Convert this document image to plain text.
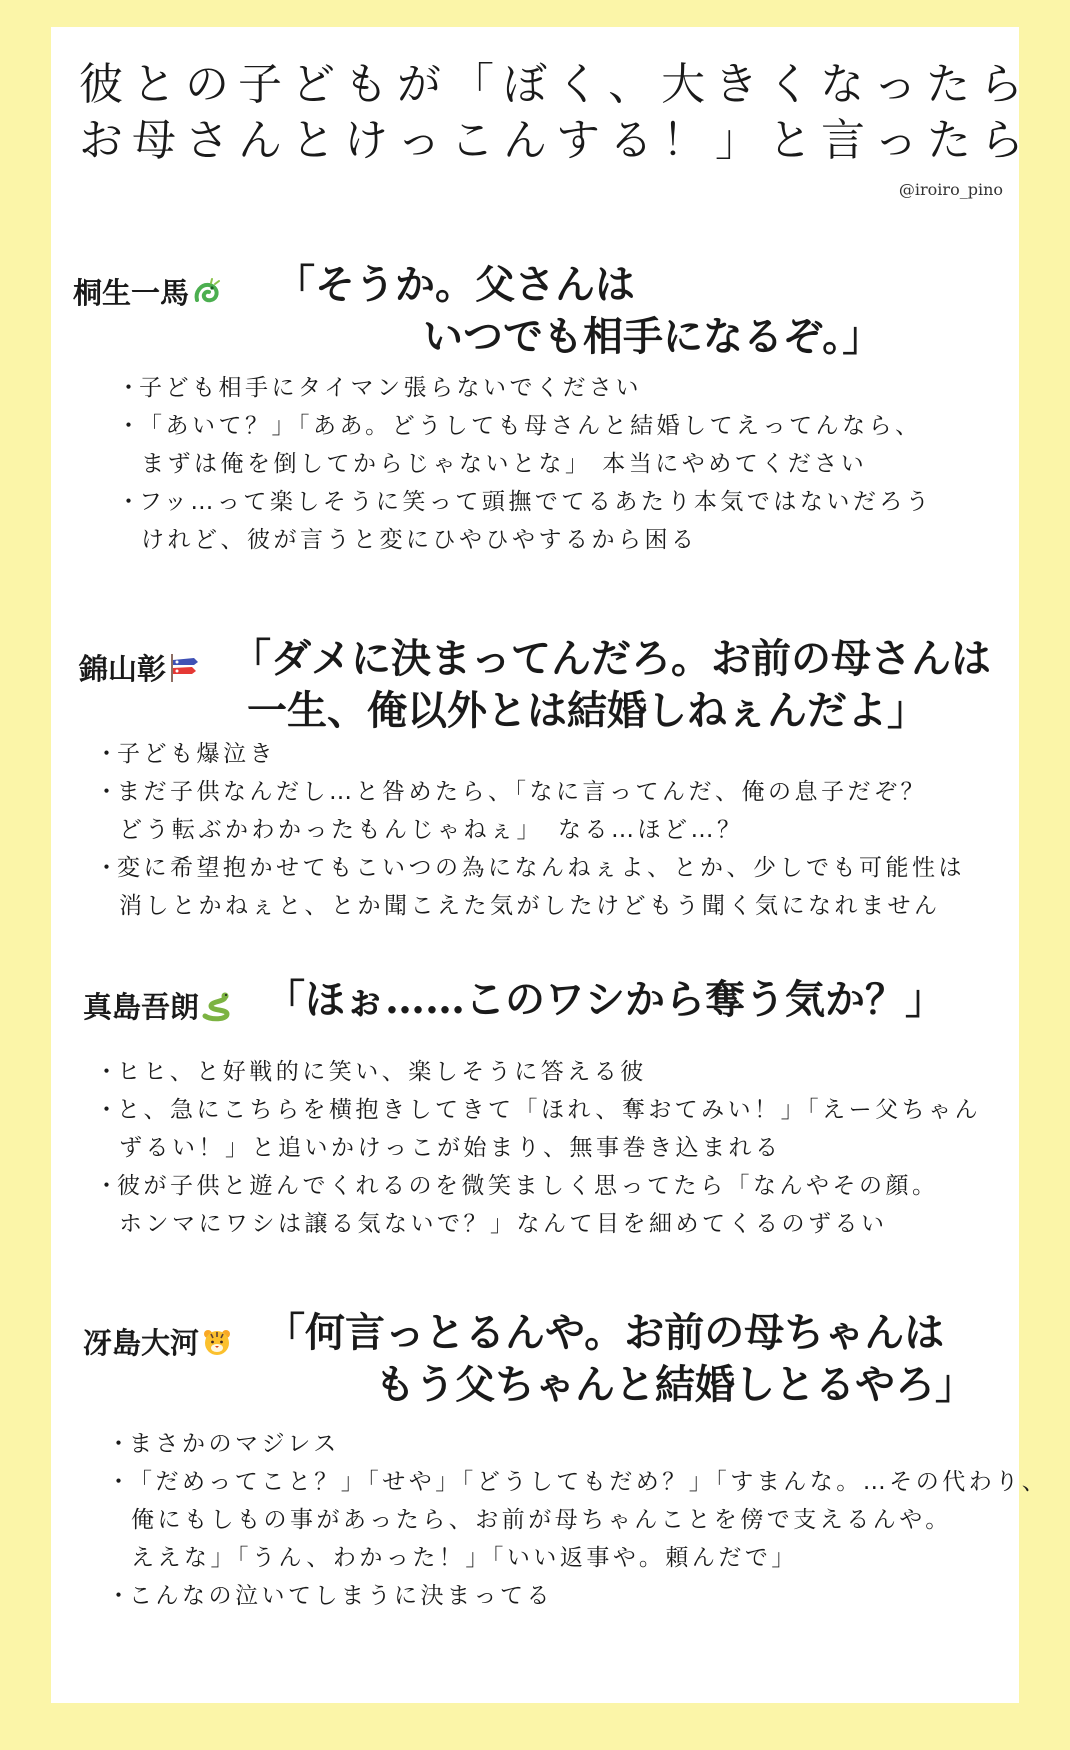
彼との子どもが「ぼく、大きくなったら
お母さんとけっこんする！」と言ったら
@iroiro_pino
桐生一馬	「そうか。父さんは
いつでも相手になるぞ。」
・子ども相手にタイマン張らないでください
・「あいて？」「ああ。どうしても母さんと結婚してえってんなら、
まずは俺を倒してからじゃないとな」 本当にやめてください
・フッ…って楽しそうに笑って頭撫でてるあたり本気ではないだろう
けれど、彼が言うと変にひやひやするから困る
錦山彰	「ダメに決まってんだろ。お前の母さんは
一生、俺以外とは結婚しねぇんだよ」
・子ども爆泣き
・まだ子供なんだし…と咎めたら、「なに言ってんだ、俺の息子だぞ？
どう転ぶかわかったもんじゃねぇ」　なる…ほど…？
・変に希望抱かせてもこいつの為になんねぇよ、とか、少しでも可能性は
消しとかねぇと、とか聞こえた気がしたけどもう聞く気になれません
真島吾朗	「ほぉ……このワシから奪う気か？」
・ヒヒ、と好戦的に笑い、楽しそうに答える彼
・と、急にこちらを横抱きしてきて「ほれ、奪おてみい！」「えー父ちゃん
ずるい！」と追いかけっこが始まり、無事巻き込まれる
・彼が子供と遊んでくれるのを微笑ましく思ってたら「なんやその顔。
ホンマにワシは譲る気ないで？」なんて目を細めてくるのずるい
冴島大河	「何言っとるんや。お前の母ちゃんは
もう父ちゃんと結婚しとるやろ」
・まさかのマジレス
・「だめってこと？」「せや」「どうしてもだめ？」「すまんな。…その代わり、
俺にもしもの事があったら、お前が母ちゃんことを傍で支えるんや。
ええな」「うん、わかった！」「いい返事や。頼んだで」
・こんなの泣いてしまうに決まってる
